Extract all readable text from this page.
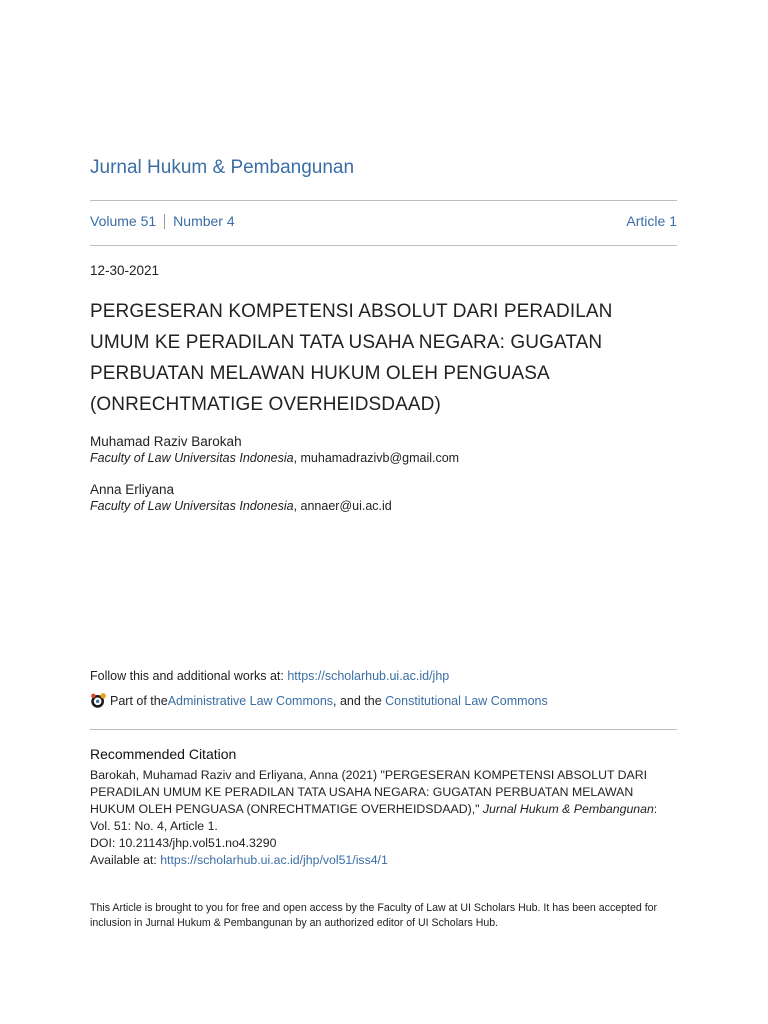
Jurnal Hukum & Pembangunan
Volume 51 Number 4	Article 1
12-30-2021
PERGESERAN KOMPETENSI ABSOLUT DARI PERADILAN UMUM KE PERADILAN TATA USAHA NEGARA: GUGATAN PERBUATAN MELAWAN HUKUM OLEH PENGUASA (ONRECHTMATIGE OVERHEIDSDAAD)
Muhamad Raziv Barokah
Faculty of Law Universitas Indonesia, muhamadrazivb@gmail.com
Anna Erliyana
Faculty of Law Universitas Indonesia, annaer@ui.ac.id
Follow this and additional works at: https://scholarhub.ui.ac.id/jhp
Part of the Administrative Law Commons , and the Constitutional Law Commons
Recommended Citation
Barokah, Muhamad Raziv and Erliyana, Anna (2021) "PERGESERAN KOMPETENSI ABSOLUT DARI PERADILAN UMUM KE PERADILAN TATA USAHA NEGARA: GUGATAN PERBUATAN MELAWAN HUKUM OLEH PENGUASA (ONRECHTMATIGE OVERHEIDSDAAD)," Jurnal Hukum & Pembangunan: Vol. 51: No. 4, Article 1.
DOI: 10.21143/jhp.vol51.no4.3290
Available at: https://scholarhub.ui.ac.id/jhp/vol51/iss4/1
This Article is brought to you for free and open access by the Faculty of Law at UI Scholars Hub. It has been accepted for inclusion in Jurnal Hukum & Pembangunan by an authorized editor of UI Scholars Hub.
